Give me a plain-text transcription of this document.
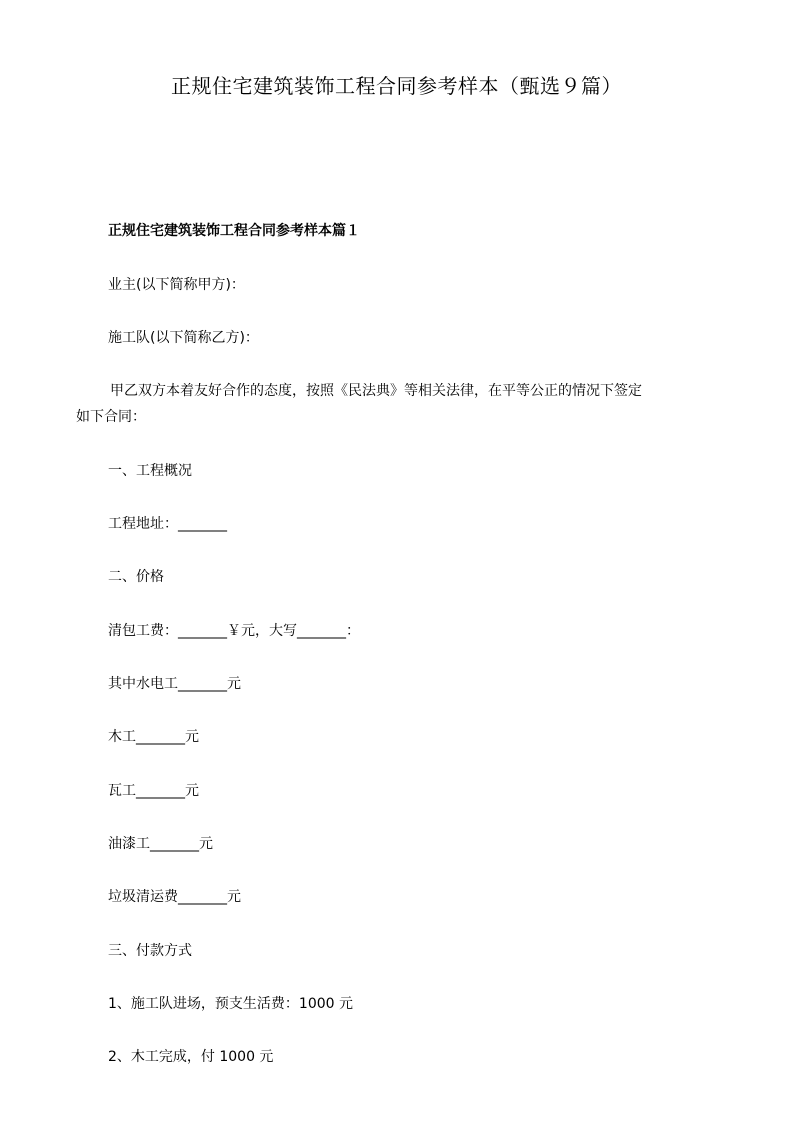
正规住宅建筑装饰工程合同参考样本（甄选９篇）
正规住宅建筑装饰工程合同参考样本篇１

业主(以下简称甲方)：

施工队(以下简称乙方)：

甲乙双方本着友好合作的态度，按照《民法典》等相关法律，在平等公正的情况下签定
如下合同：

一、工程概况

工程地址：_______

二、价格

清包工费：_______￥元，大写_______：

其中水电工_______元

木工_______元

瓦工_______元

油漆工_______元

垃圾清运费_______元

三、付款方式

1、施工队进场，预支生活费：1000 元

2、木工完成，付 1000 元
